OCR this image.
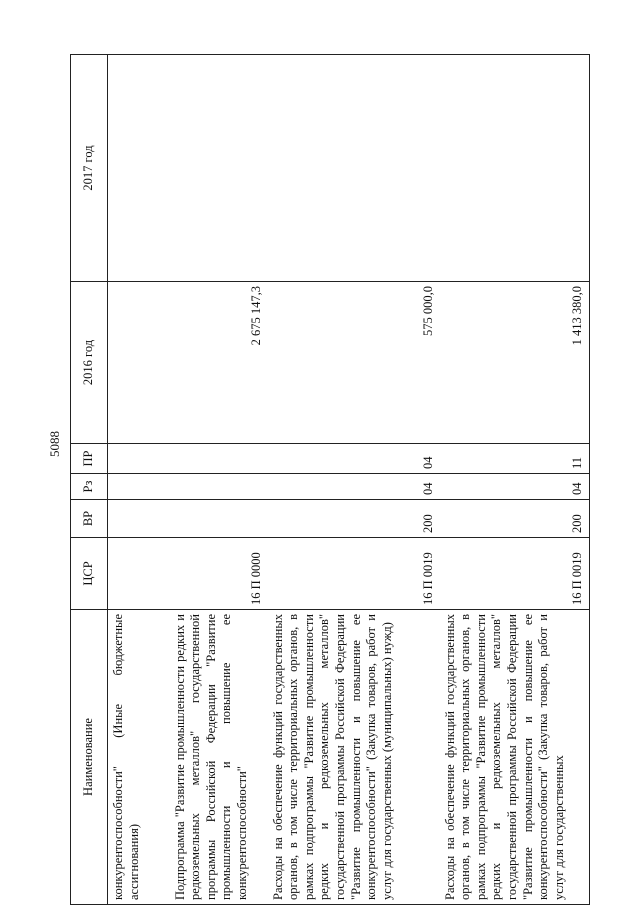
5088
Наименование	ЦСР	ВР	Рз	ПР	2016 год	2017 год
конкурентоспособности" (Иные бюджетные ассигнования)						
Подпрограмма "Развитие промышленности редких и редкоземельных металлов" государственной программы Российской Федерации "Развитие промышленности и повышение ее конкурентоспособности"	16 П 0000				2 675 147,3	
Расходы на обеспечение функций государственных органов, в том числе территориальных органов, в рамках подпрограммы "Развитие промышленности редких и редкоземельных металлов" государственной программы Российской Федерации "Развитие промышленности и повышение ее конкурентоспособности" (Закупка товаров, работ и услуг для государственных (муниципальных) нужд)	16 П 0019	200	04	04	575 000,0	
Расходы на обеспечение функций государственных органов, в том числе территориальных органов, в рамках подпрограммы "Развитие промышленности редких и редкоземельных металлов" государственной программы Российской Федерации "Развитие промышленности и повышение ее конкурентоспособности" (Закупка товаров, работ и услуг для государственных	16 П 0019	200	04	11	1 413 380,0	
